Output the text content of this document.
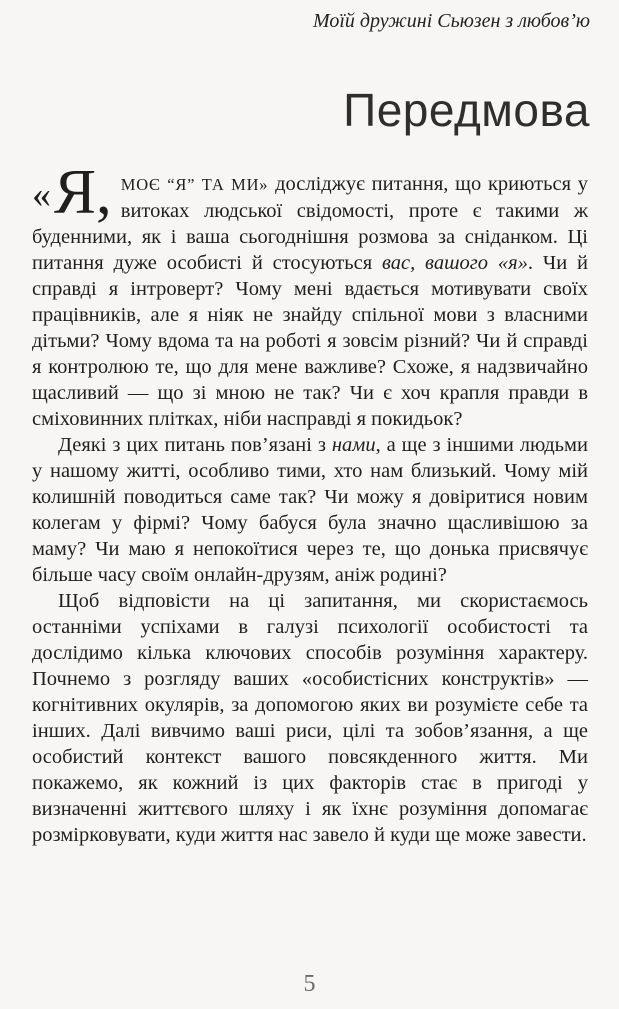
Моїй дружині Сьюзен з любов’ю
Передмова

« Я, МОЄ “Я” ТА МИ» досліджує питання, що криються у витоках людської свідомості, проте є такими ж буденними, як і ваша сьогоднішня розмова за сніданком. Ці питання дуже особисті й стосуються вас, вашого «я». Чи й справді я інтроверт? Чому мені вдається мотивувати своїх працівників, але я ніяк не знайду спільної мови з власними дітьми? Чому вдома та на роботі я зовсім різний? Чи й справді я контролюю те, що для мене важливе? Схоже, я надзвичайно щасливий — що зі мною не так? Чи є хоч крапля правди в сміховинних плітках, ніби насправді я покидьок?

Деякі з цих питань пов’язані з нами, а ще з іншими людьми у нашому житті, особливо тими, хто нам близький. Чому мій колишній поводиться саме так? Чи можу я довіритися новим колегам у фірмі? Чому бабуся була значно щасливішою за маму? Чи маю я непокоїтися через те, що донька присвячує більше часу своїм онлайн-друзям, аніж родині?

Щоб відповісти на ці запитання, ми скористаємось останніми успіхами в галузі психології особистості та дослідимо кілька ключових способів розуміння характеру. Почнемо з розгляду ваших «особистісних конструктів» — когнітивних окулярів, за допомогою яких ви розумієте себе та інших. Далі вивчимо ваші риси, цілі та зобов’язання, а ще особистий контекст вашого повсякденного життя. Ми покажемо, як кожний із цих факторів стає в пригоді у визначенні життєвого шляху і як їхнє розуміння допомагає розмірковувати, куди життя нас завело й куди ще може завести.

5
